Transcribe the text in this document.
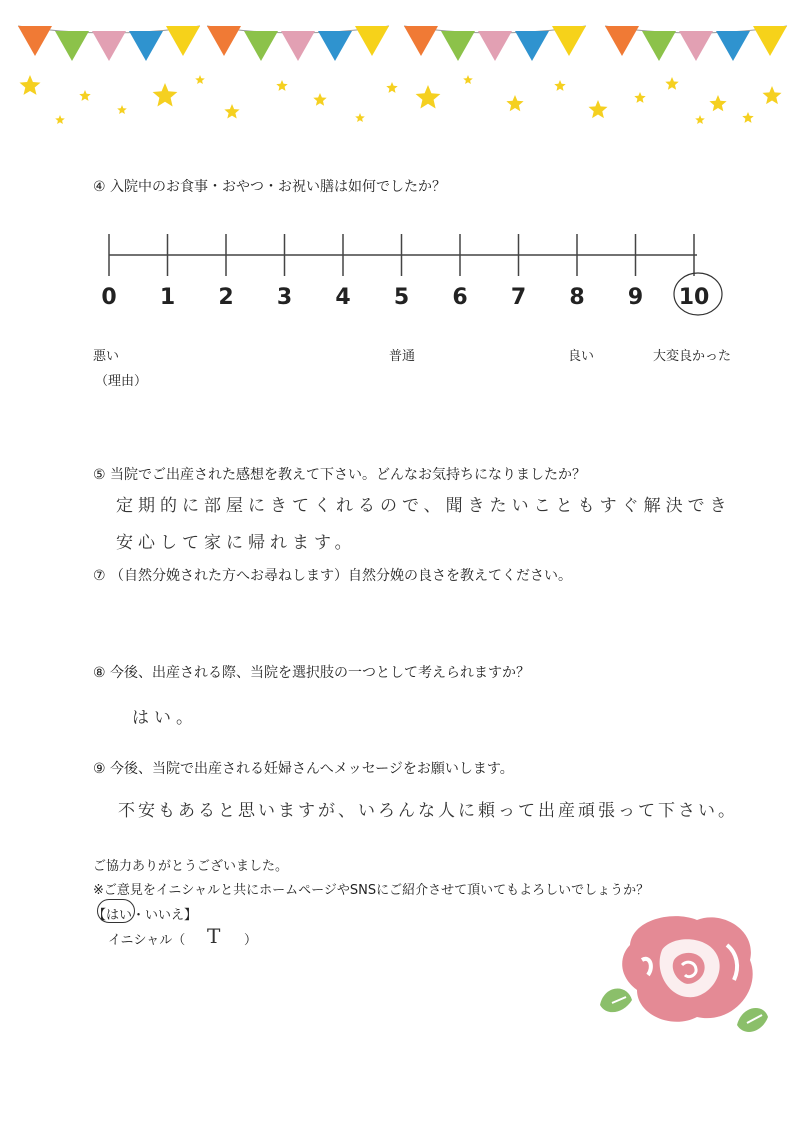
④ 入院中のお食事・おやつ・お祝い膳は如何でしたか？
0 1 2 3 4 5 6 7 8 9 10
悪い	普通	良い	大変良かった
（理由）
⑤ 当院でご出産された感想を教えて下さい。どんなお気持ちになりましたか？
定期的に部屋にきてくれるので、聞きたいこともすぐ解決でき
安心して家に帰れます。
⑦ （自然分娩された方へお尋ねします）自然分娩の良さを教えてください。
⑧ 今後、出産される際、当院を選択肢の一つとして考えられますか？
はい。
⑨ 今後、当院で出産される妊婦さんへメッセージをお願いします。
不安もあると思いますが、いろんな人に頼って出産頑張って下さい。
ご協力ありがとうございました。
※ご意見をイニシャルと共にホームページやSNSにご紹介させて頂いてもよろしいでしょうか？
【はい・いいえ】
イニシャル（ T ）
